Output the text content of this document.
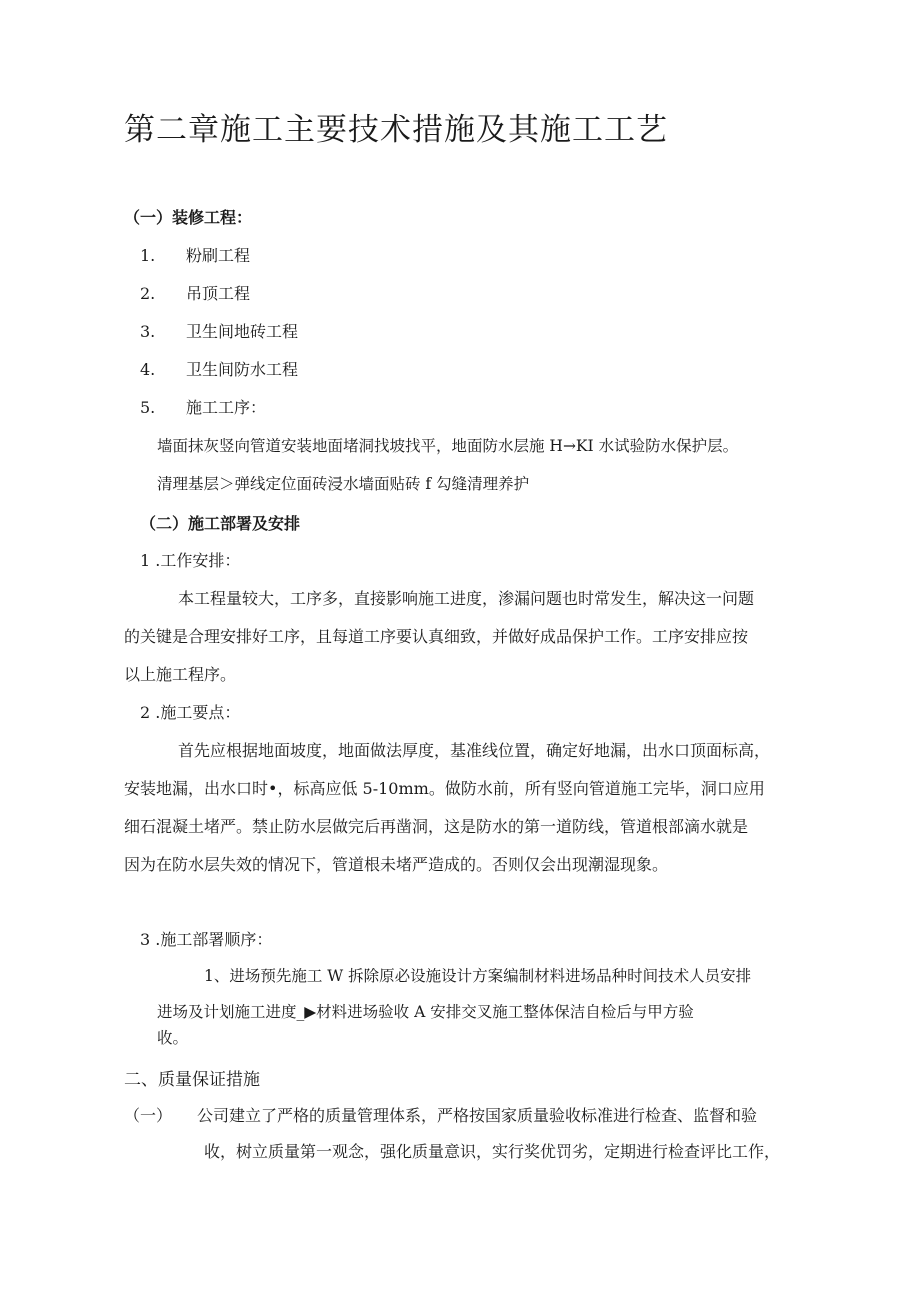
第二章施工主要技术措施及其施工工艺
（一）装修工程：
1. 粉刷工程
2. 吊顶工程
3. 卫生间地砖工程
4. 卫生间防水工程
5. 施工工序：
墙面抹灰竖向管道安装地面堵洞找坡找平，地面防水层施 H→KI 水试验防水保护层。
清理基层＞弹线定位面砖浸水墙面贴砖 f 勾缝清理养护
（二）施工部署及安排
1 .工作安排：
本工程量较大，工序多，直接影响施工进度，渗漏问题也时常发生，解决这一问题
的关键是合理安排好工序，且每道工序要认真细致，并做好成品保护工作。工序安排应按
以上施工程序。
2 .施工要点：
首先应根据地面坡度，地面做法厚度，基准线位置，确定好地漏，出水口顶面标高，
安装地漏，出水口时•，标高应低 5-10mm。做防水前，所有竖向管道施工完毕，洞口应用
细石混凝土堵严。禁止防水层做完后再凿洞，这是防水的第一道防线，管道根部滴水就是
因为在防水层失效的情况下，管道根未堵严造成的。否则仅会出现潮湿现象。
3 .施工部署顺序：
1、进场预先施工 W 拆除原必设施设计方案编制材料进场品种时间技术人员安排
进场及计划施工进度_▶材料进场验收 A 安排交叉施工整体保洁自检后与甲方验
收。
二、质量保证措施
（一） 公司建立了严格的质量管理体系，严格按国家质量验收标准进行检查、监督和验
收，树立质量第一观念，强化质量意识，实行奖优罚劣，定期进行检查评比工作，
